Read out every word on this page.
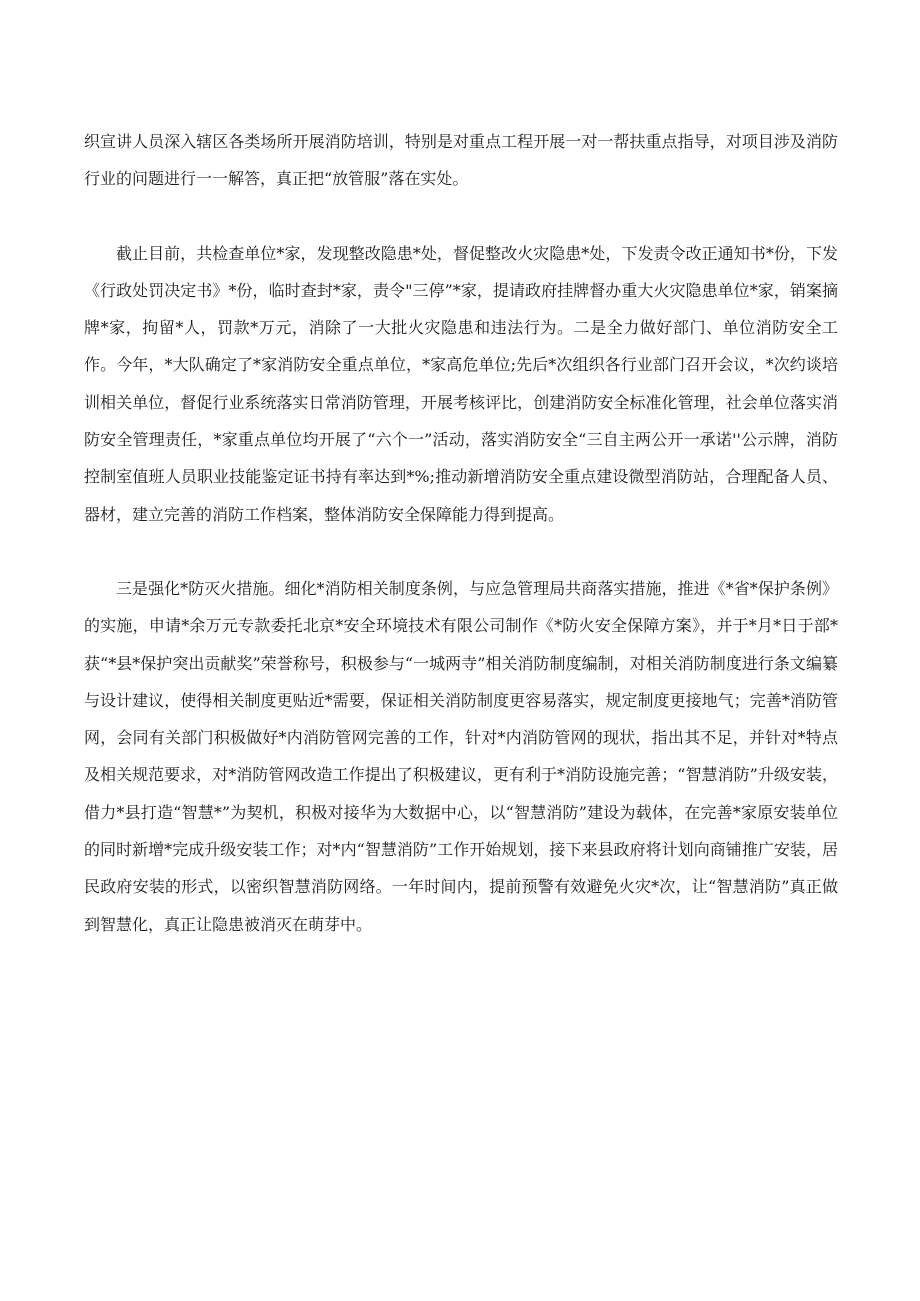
织宣讲人员深入辖区各类场所开展消防培训，特别是对重点工程开展一对一帮扶重点指导，对项目涉及消防行业的问题进行一一解答，真正把“放管服”落在实处。

截止目前，共检查单位*家，发现整改隐患*处，督促整改火灾隐患*处，下发责令改正通知书*份，下发《行政处罚决定书》*份，临时查封*家，责令"三停”*家，提请政府挂牌督办重大火灾隐患单位*家，销案摘牌*家，拘留*人，罚款*万元，消除了一大批火灾隐患和违法行为。二是全力做好部门、单位消防安全工作。今年，*大队确定了*家消防安全重点单位，*家高危单位;先后*次组织各行业部门召开会议，*次约谈培训相关单位，督促行业系统落实日常消防管理，开展考核评比，创建消防安全标准化管理，社会单位落实消防安全管理责任，*家重点单位均开展了“六个一”活动，落实消防安全“三自主两公开一承诺''公示牌，消防控制室值班人员职业技能鉴定证书持有率达到*%;推动新增消防安全重点建设微型消防站，合理配备人员、器材，建立完善的消防工作档案，整体消防安全保障能力得到提高。

三是强化*防灭火措施。细化*消防相关制度条例，与应急管理局共商落实措施，推进《*省*保护条例》的实施，申请*余万元专款委托北京*安全环境技术有限公司制作《*防火安全保障方案》，并于*月*日于部*获“*县*保护突出贡献奖”荣誉称号，积极参与“一城两寺”相关消防制度编制，对相关消防制度进行条文编纂与设计建议，使得相关制度更贴近*需要，保证相关消防制度更容易落实，规定制度更接地气；完善*消防管网，会同有关部门积极做好*内消防管网完善的工作，针对*内消防管网的现状，指出其不足，并针对*特点及相关规范要求，对*消防管网改造工作提出了积极建议，更有利于*消防设施完善；“智慧消防”升级安装，借力*县打造“智慧*”为契机，积极对接华为大数据中心，以“智慧消防”建设为载体，在完善*家原安装单位的同时新增*完成升级安装工作；对*内“智慧消防”工作开始规划，接下来县政府将计划向商铺推广安装，居民政府安装的形式，以密织智慧消防网络。一年时间内，提前预警有效避免火灾*次，让“智慧消防”真正做到智慧化，真正让隐患被消灭在萌芽中。
